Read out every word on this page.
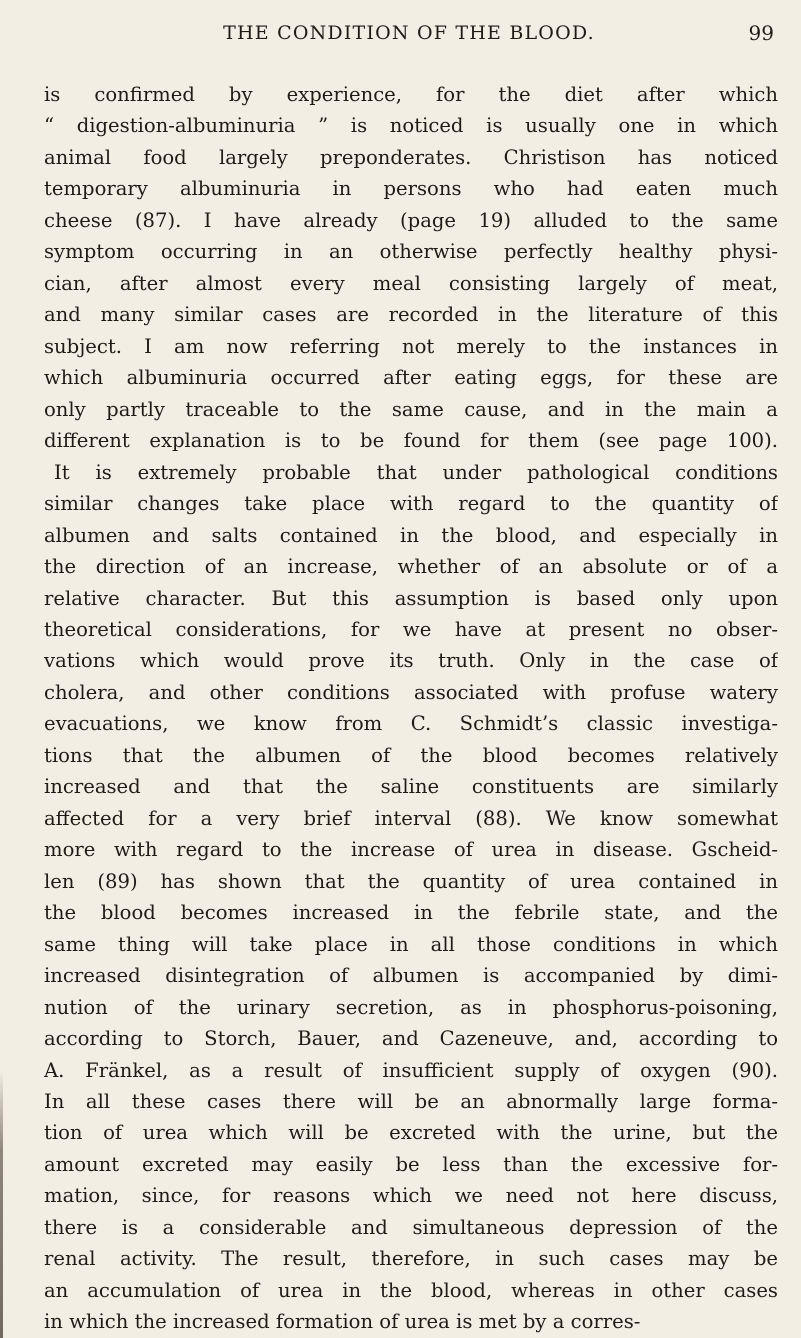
THE CONDITION OF THE BLOOD.	99
is confirmed by experience, for the diet after which
“ digestion-albuminuria ” is noticed is usually one in which
animal food largely preponderates. Christison has noticed
temporary albuminuria in persons who had eaten much
cheese (87). I have already (page 19) alluded to the same
symptom occurring in an otherwise perfectly healthy physi-
cian, after almost every meal consisting largely of meat,
and many similar cases are recorded in the literature of this
subject. I am now referring not merely to the instances in
which albuminuria occurred after eating eggs, for these are
only partly traceable to the same cause, and in the main a
different explanation is to be found for them (see page 100).
It is extremely probable that under pathological conditions
similar changes take place with regard to the quantity of
albumen and salts contained in the blood, and especially in
the direction of an increase, whether of an absolute or of a
relative character. But this assumption is based only upon
theoretical considerations, for we have at present no obser-
vations which would prove its truth. Only in the case of
cholera, and other conditions associated with profuse watery
evacuations, we know from C. Schmidt’s classic investiga-
tions that the albumen of the blood becomes relatively
increased and that the saline constituents are similarly
affected for a very brief interval (88). We know somewhat
more with regard to the increase of urea in disease. Gscheid-
len (89) has shown that the quantity of urea contained in
the blood becomes increased in the febrile state, and the
same thing will take place in all those conditions in which
increased disintegration of albumen is accompanied by dimi-
nution of the urinary secretion, as in phosphorus-poisoning,
according to Storch, Bauer, and Cazeneuve, and, according to
A. Fränkel, as a result of insufficient supply of oxygen (90).
In all these cases there will be an abnormally large forma-
tion of urea which will be excreted with the urine, but the
amount excreted may easily be less than the excessive for-
mation, since, for reasons which we need not here discuss,
there is a considerable and simultaneous depression of the
renal activity. The result, therefore, in such cases may be
an accumulation of urea in the blood, whereas in other cases
in which the increased formation of urea is met by a corres-
